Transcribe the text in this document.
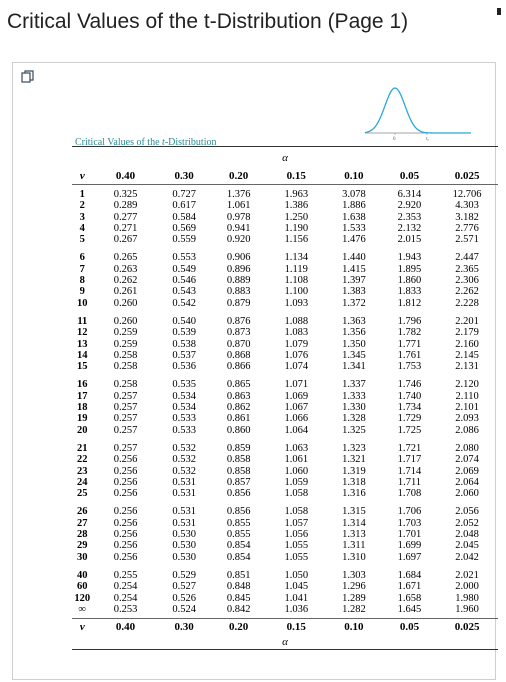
Critical Values of the t-Distribution (Page 1)
0
α
tₐ
Critical Values of the t-Distribution
α							
ν	0.40	0.30	0.20	0.15	0.10	0.05	0.025
1	0.325	0.727	1.376	1.963	3.078	6.314	12.706
2	0.289	0.617	1.061	1.386	1.886	2.920	4.303
3	0.277	0.584	0.978	1.250	1.638	2.353	3.182
4	0.271	0.569	0.941	1.190	1.533	2.132	2.776
5	0.267	0.559	0.920	1.156	1.476	2.015	2.571
6	0.265	0.553	0.906	1.134	1.440	1.943	2.447
7	0.263	0.549	0.896	1.119	1.415	1.895	2.365
8	0.262	0.546	0.889	1.108	1.397	1.860	2.306
9	0.261	0.543	0.883	1.100	1.383	1.833	2.262
10	0.260	0.542	0.879	1.093	1.372	1.812	2.228
11	0.260	0.540	0.876	1.088	1.363	1.796	2.201
12	0.259	0.539	0.873	1.083	1.356	1.782	2.179
13	0.259	0.538	0.870	1.079	1.350	1.771	2.160
14	0.258	0.537	0.868	1.076	1.345	1.761	2.145
15	0.258	0.536	0.866	1.074	1.341	1.753	2.131
16	0.258	0.535	0.865	1.071	1.337	1.746	2.120
17	0.257	0.534	0.863	1.069	1.333	1.740	2.110
18	0.257	0.534	0.862	1.067	1.330	1.734	2.101
19	0.257	0.533	0.861	1.066	1.328	1.729	2.093
20	0.257	0.533	0.860	1.064	1.325	1.725	2.086
21	0.257	0.532	0.859	1.063	1.323	1.721	2.080
22	0.256	0.532	0.858	1.061	1.321	1.717	2.074
23	0.256	0.532	0.858	1.060	1.319	1.714	2.069
24	0.256	0.531	0.857	1.059	1.318	1.711	2.064
25	0.256	0.531	0.856	1.058	1.316	1.708	2.060
26	0.256	0.531	0.856	1.058	1.315	1.706	2.056
27	0.256	0.531	0.855	1.057	1.314	1.703	2.052
28	0.256	0.530	0.855	1.056	1.313	1.701	2.048
29	0.256	0.530	0.854	1.055	1.311	1.699	2.045
30	0.256	0.530	0.854	1.055	1.310	1.697	2.042
40	0.255	0.529	0.851	1.050	1.303	1.684	2.021
60	0.254	0.527	0.848	1.045	1.296	1.671	2.000
120	0.254	0.526	0.845	1.041	1.289	1.658	1.980
∞	0.253	0.524	0.842	1.036	1.282	1.645	1.960
ν	0.40	0.30	0.20	0.15	0.10	0.05	0.025
α							
